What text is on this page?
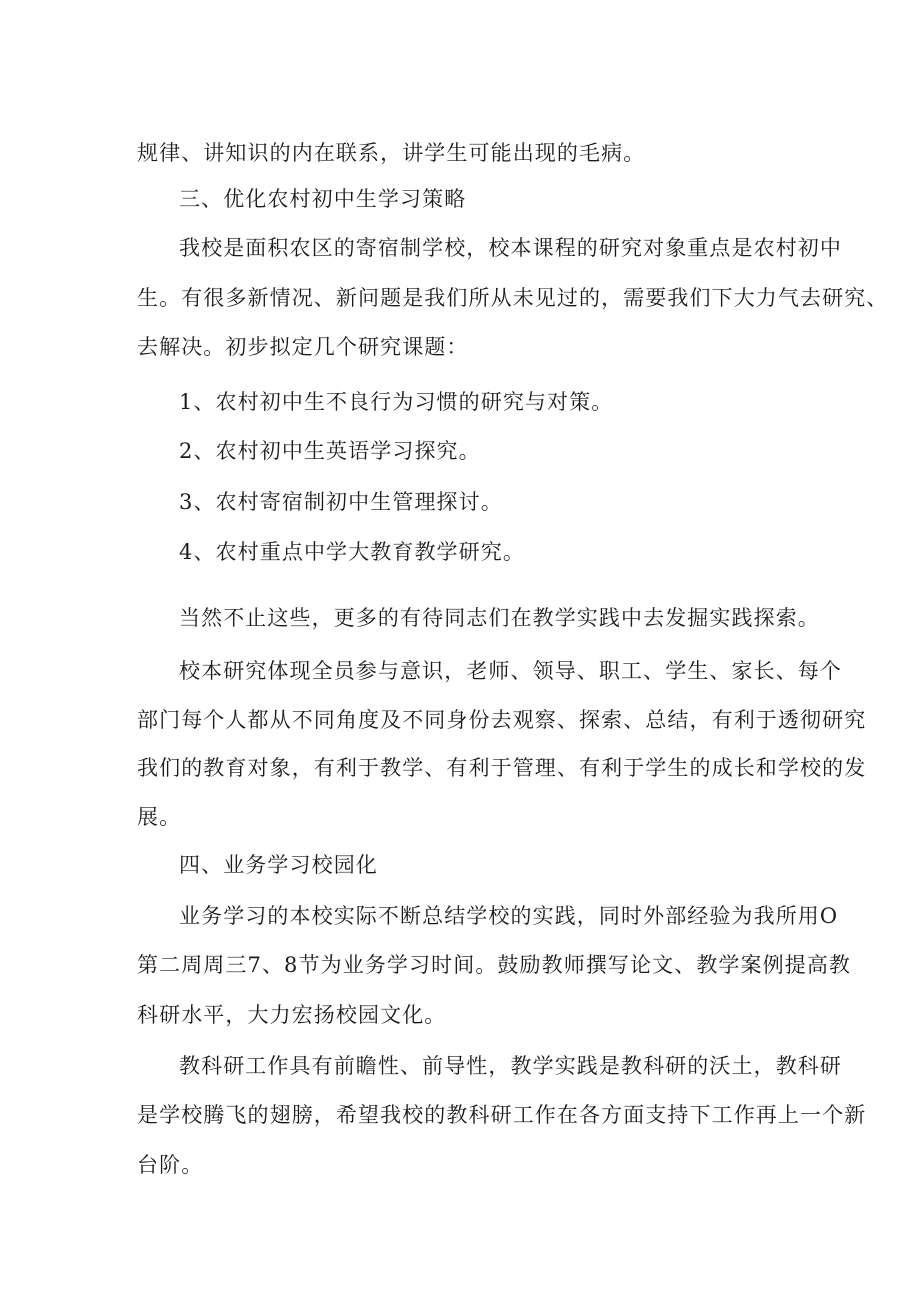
规律、讲知识的内在联系，讲学生可能出现的毛病。
三、优化农村初中生学习策略
我校是面积农区的寄宿制学校，校本课程的研究对象重点是农村初中
生。有很多新情况、新问题是我们所从未见过的，需要我们下大力气去研究、
去解决。初步拟定几个研究课题：
1、农村初中生不良行为习惯的研究与对策。
2、农村初中生英语学习探究。
3、农村寄宿制初中生管理探讨。
4、农村重点中学大教育教学研究。
当然不止这些，更多的有待同志们在教学实践中去发掘实践探索。
校本研究体现全员参与意识，老师、领导、职工、学生、家长、每个
部门每个人都从不同角度及不同身份去观察、探索、总结，有利于透彻研究
我们的教育对象，有利于教学、有利于管理、有利于学生的成长和学校的发
展。
四、业务学习校园化
业务学习的本校实际不断总结学校的实践，同时外部经验为我所用O
第二周周三7、8节为业务学习时间。鼓励教师撰写论文、教学案例提高教
科研水平，大力宏扬校园文化。
教科研工作具有前瞻性、前导性，教学实践是教科研的沃土，教科研
是学校腾飞的翅膀，希望我校的教科研工作在各方面支持下工作再上一个新
台阶。
